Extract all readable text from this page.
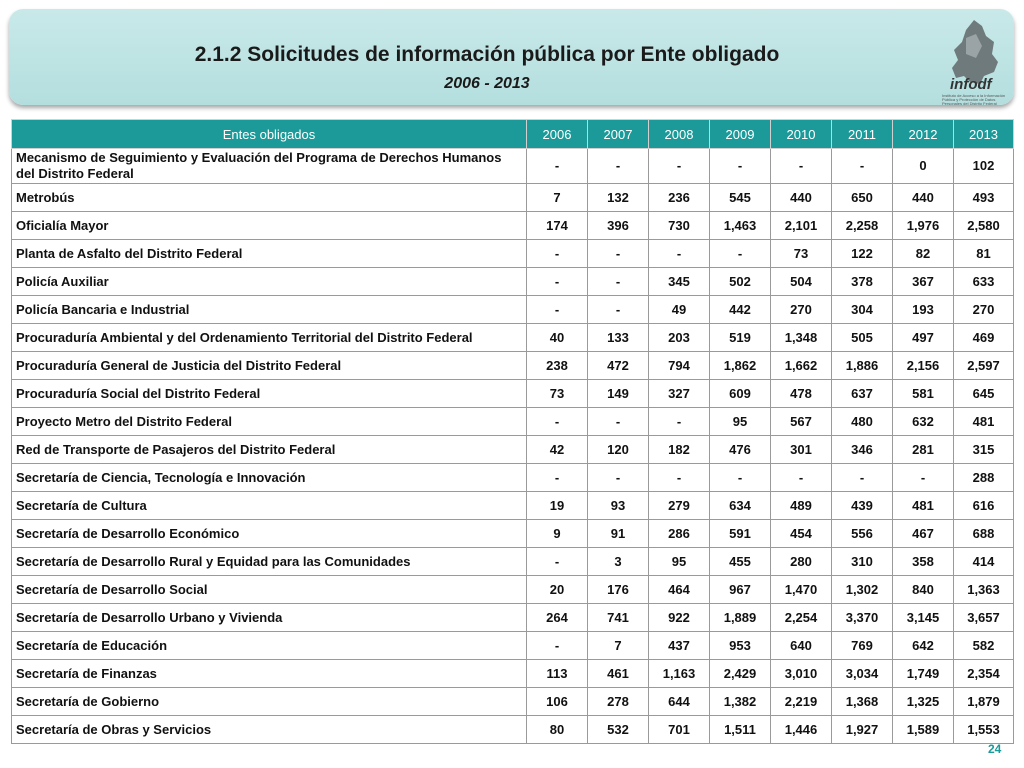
2.1.2 Solicitudes de información pública por Ente obligado
2006 - 2013	infodf
Instituto de Acceso a la Información Pública y Protección de Datos Personales del Distrito Federal
Entes obligados	2006	2007	2008	2009	2010	2011	2012	2013
Mecanismo de Seguimiento y Evaluación del Programa de Derechos Humanos del Distrito Federal	-	-	-	-	-	-	0	102
Metrobús	7	132	236	545	440	650	440	493
Oficialía Mayor	174	396	730	1,463	2,101	2,258	1,976	2,580
Planta de Asfalto del Distrito Federal	-	-	-	-	73	122	82	81
Policía Auxiliar	-	-	345	502	504	378	367	633
Policía Bancaria e Industrial	-	-	49	442	270	304	193	270
Procuraduría Ambiental y del Ordenamiento Territorial del Distrito Federal	40	133	203	519	1,348	505	497	469
Procuraduría General de Justicia del Distrito Federal	238	472	794	1,862	1,662	1,886	2,156	2,597
Procuraduría Social del Distrito Federal	73	149	327	609	478	637	581	645
Proyecto Metro del Distrito Federal	-	-	-	95	567	480	632	481
Red de Transporte de Pasajeros del Distrito Federal	42	120	182	476	301	346	281	315
Secretaría de Ciencia, Tecnología e Innovación	-	-	-	-	-	-	-	288
Secretaría de Cultura	19	93	279	634	489	439	481	616
Secretaría de Desarrollo Económico	9	91	286	591	454	556	467	688
Secretaría de Desarrollo Rural y Equidad para las Comunidades	-	3	95	455	280	310	358	414
Secretaría de Desarrollo Social	20	176	464	967	1,470	1,302	840	1,363
Secretaría de Desarrollo Urbano y Vivienda	264	741	922	1,889	2,254	3,370	3,145	3,657
Secretaría de Educación	-	7	437	953	640	769	642	582
Secretaría de Finanzas	113	461	1,163	2,429	3,010	3,034	1,749	2,354
Secretaría de Gobierno	106	278	644	1,382	2,219	1,368	1,325	1,879
Secretaría de Obras y Servicios	80	532	701	1,511	1,446	1,927	1,589	1,553
24
